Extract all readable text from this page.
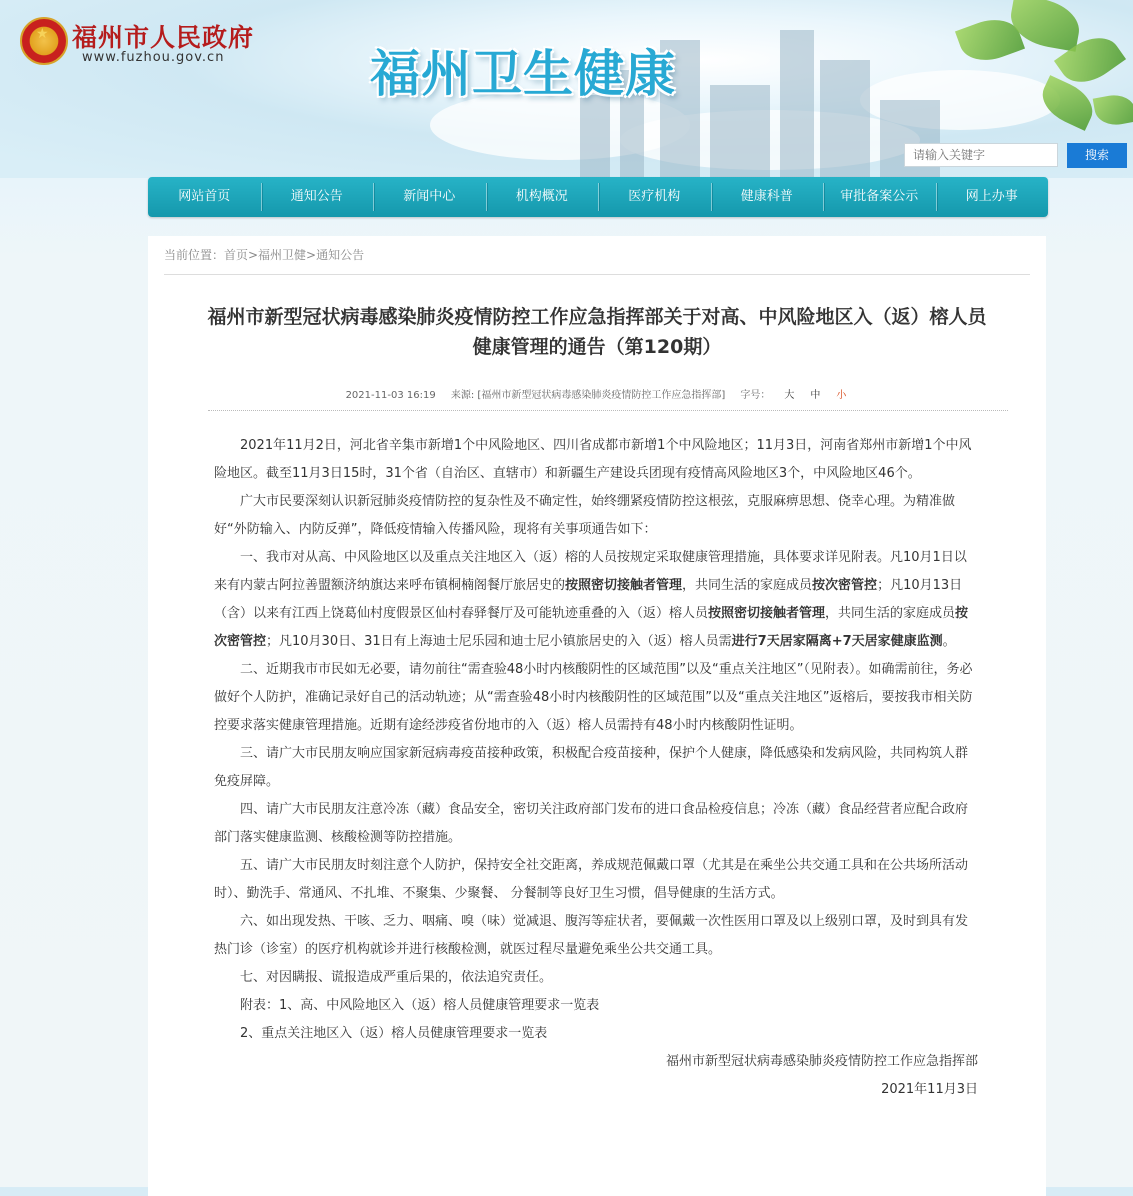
★ 福州市人民政府
www.fuzhou.gov.cn	福州卫生健康
请输入关键字
搜索
网站首页	通知公告	新闻中心	机构概况	医疗机构	健康科普	审批备案公示	网上办事
当前位置：首页>福州卫健>通知公告
福州市新型冠状病毒感染肺炎疫情防控工作应急指挥部关于对高、中风险地区入（返）榕人员
健康管理的通告（第120期）
2021-11-03 16:19 来源: [福州市新型冠状病毒感染肺炎疫情防控工作应急指挥部] 字号： 大 中 小

2021年11月2日，河北省辛集市新增1个中风险地区、四川省成都市新增1个中风险地区；11月3日，河南省郑州市新增1个中风险地区。截至11月3日15时，31个省（自治区、直辖市）和新疆生产建设兵团现有疫情高风险地区3个，中风险地区46个。

广大市民要深刻认识新冠肺炎疫情防控的复杂性及不确定性，始终绷紧疫情防控这根弦，克服麻痹思想、侥幸心理。为精准做好“外防输入、内防反弹”，降低疫情输入传播风险，现将有关事项通告如下：

一、我市对从高、中风险地区以及重点关注地区入（返）榕的人员按规定采取健康管理措施，具体要求详见附表。凡10月1日以来有内蒙古阿拉善盟额济纳旗达来呼布镇桐楠阁餐厅旅居史的按照密切接触者管理，共同生活的家庭成员按次密管控；凡10月13日（含）以来有江西上饶葛仙村度假景区仙村春驿餐厅及可能轨迹重叠的入（返）榕人员按照密切接触者管理，共同生活的家庭成员按次密管控；凡10月30日、31日有上海迪士尼乐园和迪士尼小镇旅居史的入（返）榕人员需进行7天居家隔离+7天居家健康监测。

二、近期我市市民如无必要，请勿前往“需查验48小时内核酸阴性的区域范围”以及“重点关注地区”（见附表）。如确需前往，务必做好个人防护，准确记录好自己的活动轨迹；从“需查验48小时内核酸阴性的区域范围”以及“重点关注地区”返榕后，要按我市相关防控要求落实健康管理措施。近期有途经涉疫省份地市的入（返）榕人员需持有48小时内核酸阴性证明。

三、请广大市民朋友响应国家新冠病毒疫苗接种政策，积极配合疫苗接种，保护个人健康，降低感染和发病风险，共同构筑人群免疫屏障。

四、请广大市民朋友注意冷冻（藏）食品安全，密切关注政府部门发布的进口食品检疫信息；冷冻（藏）食品经营者应配合政府部门落实健康监测、核酸检测等防控措施。

五、请广大市民朋友时刻注意个人防护，保持安全社交距离，养成规范佩戴口罩（尤其是在乘坐公共交通工具和在公共场所活动时）、勤洗手、常通风、不扎堆、不聚集、少聚餐、 分餐制等良好卫生习惯，倡导健康的生活方式。

六、如出现发热、干咳、乏力、咽痛、嗅（味）觉减退、腹泻等症状者，要佩戴一次性医用口罩及以上级别口罩，及时到具有发热门诊（诊室）的医疗机构就诊并进行核酸检测，就医过程尽量避免乘坐公共交通工具。

七、对因瞒报、谎报造成严重后果的，依法追究责任。

附表：1、高、中风险地区入（返）榕人员健康管理要求一览表

2、重点关注地区入（返）榕人员健康管理要求一览表

福州市新型冠状病毒感染肺炎疫情防控工作应急指挥部

2021年11月3日
